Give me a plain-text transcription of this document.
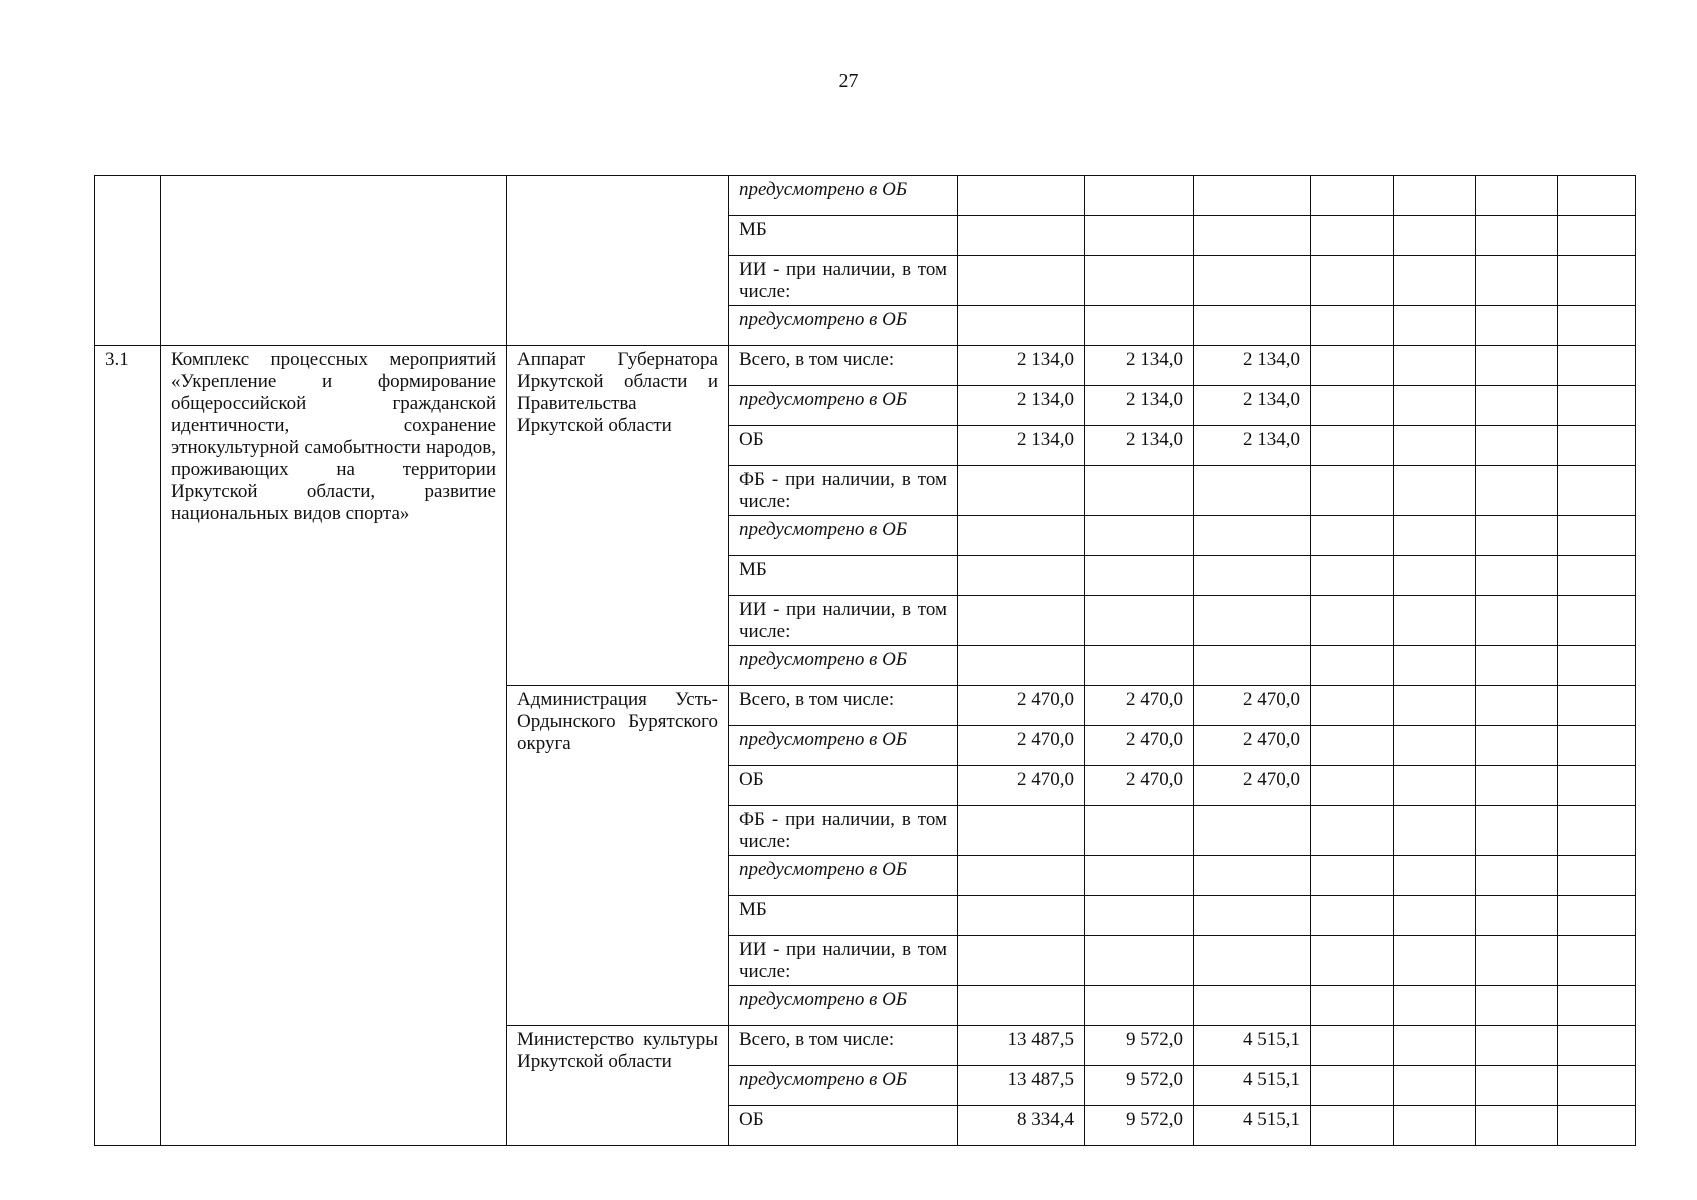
27
			предусмотрено в ОБ							
			МБ							
			ИИ - при наличии, в том числе:							
			предусмотрено в ОБ							
3.1	Комплекс процессных мероприятий «Укрепление и формирование общероссийской гражданской идентичности, сохранение этнокультурной самобытности народов, проживающих на территории Иркутской области, развитие национальных видов спорта»	Аппарат Губернатора Иркутской области и Правительства Иркутской области	Всего, в том числе:	2 134,0	2 134,0	2 134,0				
			предусмотрено в ОБ	2 134,0	2 134,0	2 134,0				
			ОБ	2 134,0	2 134,0	2 134,0				
			ФБ - при наличии, в том числе:							
			предусмотрено в ОБ							
			МБ							
			ИИ - при наличии, в том числе:							
			предусмотрено в ОБ							
		Администрация Усть-Ордынского Бурятского округа	Всего, в том числе:	2 470,0	2 470,0	2 470,0				
			предусмотрено в ОБ	2 470,0	2 470,0	2 470,0				
			ОБ	2 470,0	2 470,0	2 470,0				
			ФБ - при наличии, в том числе:							
			предусмотрено в ОБ							
			МБ							
			ИИ - при наличии, в том числе:							
			предусмотрено в ОБ							
		Министерство культуры Иркутской области	Всего, в том числе:	13 487,5	9 572,0	4 515,1				
			предусмотрено в ОБ	13 487,5	9 572,0	4 515,1				
			ОБ	8 334,4	9 572,0	4 515,1				
